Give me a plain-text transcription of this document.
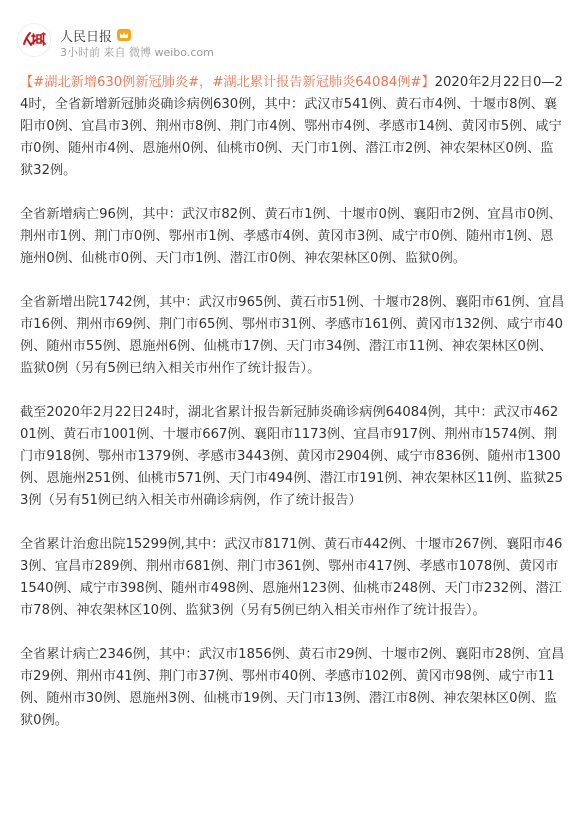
人民日报
3小时前 来自 微博 weibo.com

【#湖北新增630例新冠肺炎#，#湖北累计报告新冠肺炎64084例#】2020年2月22日0—24时，全省新增新冠肺炎确诊病例630例，其中：武汉市541例、黄石市4例、十堰市8例、襄阳市0例、宜昌市3例、荆州市8例、荆门市4例、鄂州市4例、孝感市14例、黄冈市5例、咸宁市0例、随州市4例、恩施州0例、仙桃市0例、天门市1例、潜江市2例、神农架林区0例、监狱32例。

全省新增病亡96例，其中：武汉市82例、黄石市1例、十堰市0例、襄阳市2例、宜昌市0例、荆州市1例、荆门市0例、鄂州市1例、孝感市4例、黄冈市3例、咸宁市0例、随州市1例、恩施州0例、仙桃市0例、天门市1例、潜江市0例、神农架林区0例、监狱0例。

全省新增出院1742例，其中：武汉市965例、黄石市51例、十堰市28例、襄阳市61例、宜昌市16例、荆州市69例、荆门市65例、鄂州市31例、孝感市161例、黄冈市132例、咸宁市40例、随州市55例、恩施州6例、仙桃市17例、天门市34例、潜江市11例、神农架林区0例、监狱0例（另有5例已纳入相关市州作了统计报告）。

截至2020年2月22日24时，湖北省累计报告新冠肺炎确诊病例64084例，其中：武汉市46201例、黄石市1001例、十堰市667例、襄阳市1173例、宜昌市917例、荆州市1574例、荆门市918例、鄂州市1379例、孝感市3443例、黄冈市2904例、咸宁市836例、随州市1300例、恩施州251例、仙桃市571例、天门市494例、潜江市191例、神农架林区11例、监狱253例（另有51例已纳入相关市州确诊病例，作了统计报告）

全省累计治愈出院15299例,其中：武汉市8171例、黄石市442例、十堰市267例、襄阳市463例、宜昌市289例、荆州市681例、荆门市361例、鄂州市417例、孝感市1078例、黄冈市1540例、咸宁市398例、随州市498例、恩施州123例、仙桃市248例、天门市232例、潜江市78例、神农架林区10例、监狱3例（另有5例已纳入相关市州作了统计报告）。

全省累计病亡2346例，其中：武汉市1856例、黄石市29例、十堰市2例、襄阳市28例、宜昌市29例、荆州市41例、荆门市37例、鄂州市40例、孝感市102例、黄冈市98例、咸宁市11例、随州市30例、恩施州3例、仙桃市19例、天门市13例、潜江市8例、神农架林区0例、监狱0例。
